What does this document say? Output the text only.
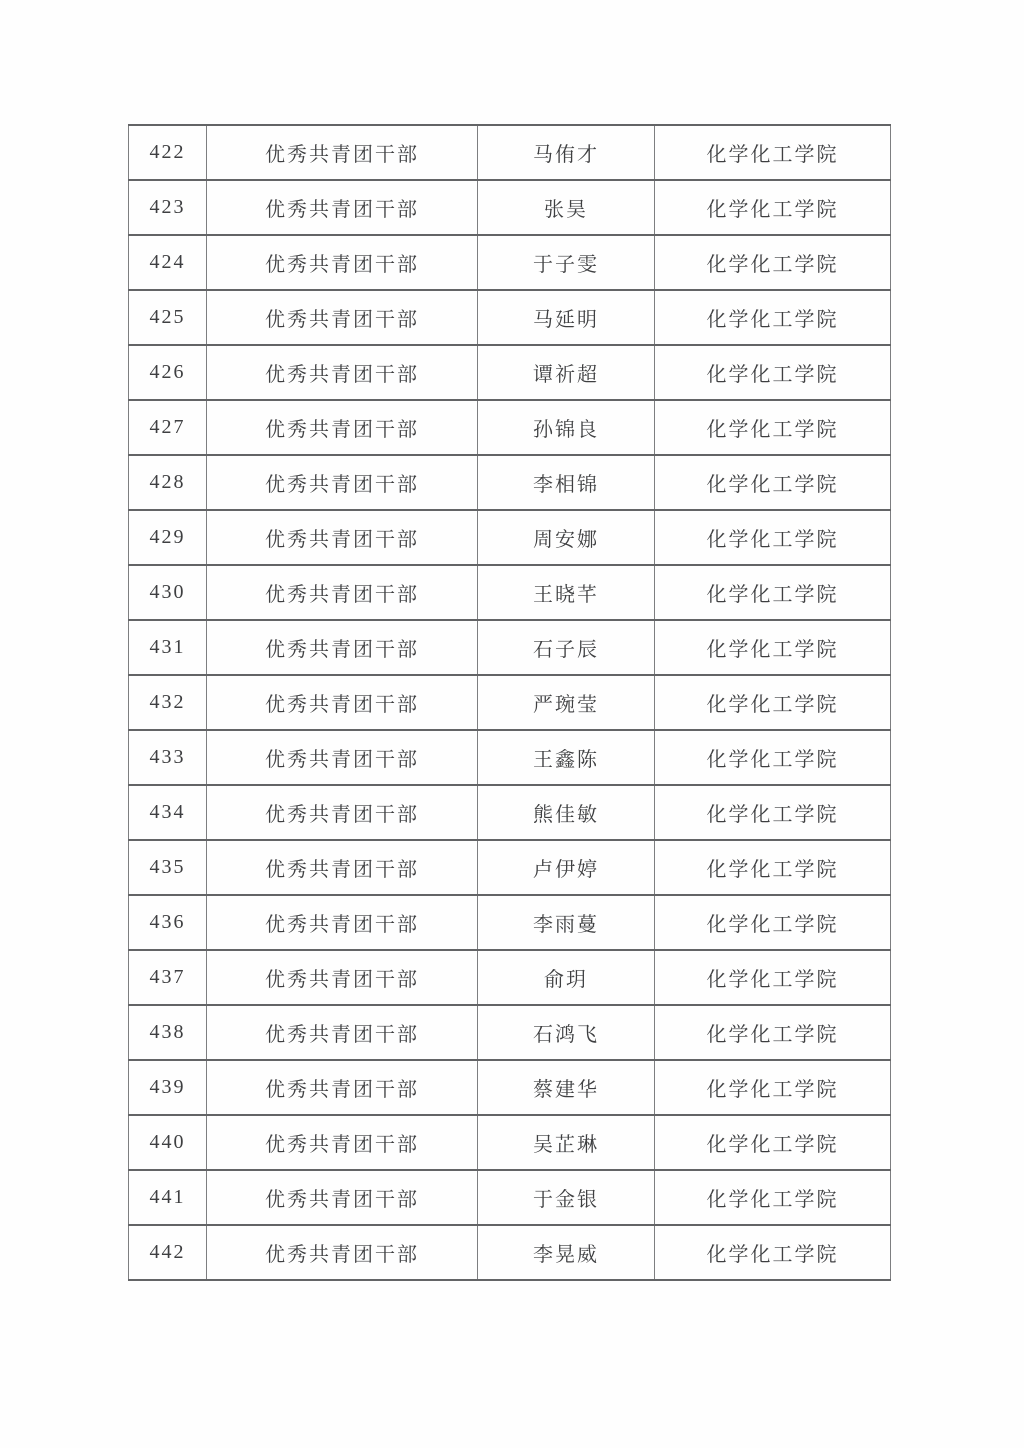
422	优秀共青团干部	马侑才	化学化工学院
423	优秀共青团干部	张昊	化学化工学院
424	优秀共青团干部	于子雯	化学化工学院
425	优秀共青团干部	马延明	化学化工学院
426	优秀共青团干部	谭祈超	化学化工学院
427	优秀共青团干部	孙锦良	化学化工学院
428	优秀共青团干部	李相锦	化学化工学院
429	优秀共青团干部	周安娜	化学化工学院
430	优秀共青团干部	王晓芊	化学化工学院
431	优秀共青团干部	石子辰	化学化工学院
432	优秀共青团干部	严琬莹	化学化工学院
433	优秀共青团干部	王鑫陈	化学化工学院
434	优秀共青团干部	熊佳敏	化学化工学院
435	优秀共青团干部	卢伊婷	化学化工学院
436	优秀共青团干部	李雨蔓	化学化工学院
437	优秀共青团干部	俞玥	化学化工学院
438	优秀共青团干部	石鸿飞	化学化工学院
439	优秀共青团干部	蔡建华	化学化工学院
440	优秀共青团干部	吴芷琳	化学化工学院
441	优秀共青团干部	于金银	化学化工学院
442	优秀共青团干部	李晃威	化学化工学院
